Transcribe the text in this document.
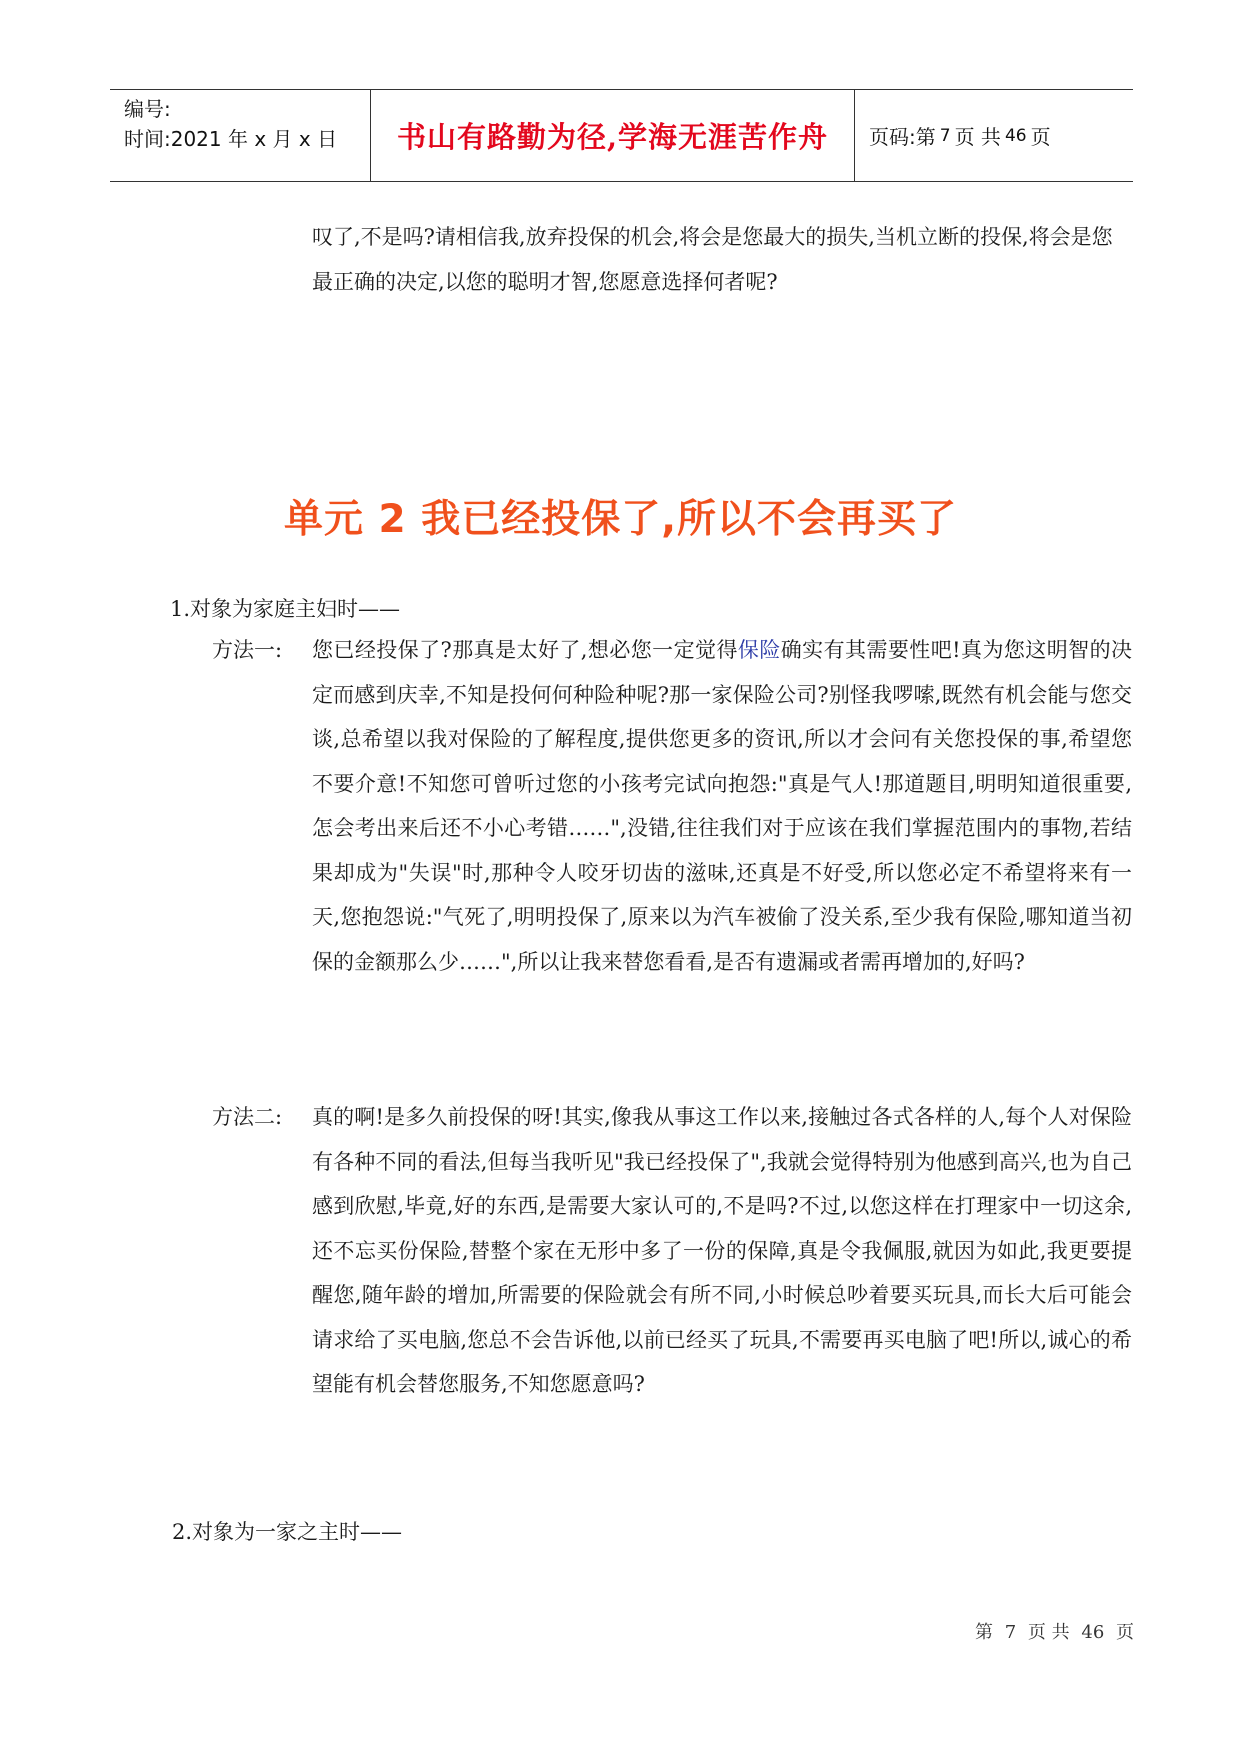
编号:
时间:2021 年 x 月 x 日	书山有路勤为径,学海无涯苦作舟	页码:第 7 页 共 46 页
叹了,不是吗?请相信我,放弃投保的机会,将会是您最大的损失,当机立断的投保,将会是您最正确的决定,以您的聪明才智,您愿意选择何者呢?
单元 2 我已经投保了,所以不会再买了
1.对象为家庭主妇时——
方法一: 您已经投保了?那真是太好了,想必您一定觉得保险确实有其需要性吧!真为您这明智的决定而感到庆幸,不知是投何何种险种呢?那一家保险公司?别怪我啰嗦,既然有机会能与您交谈,总希望以我对保险的了解程度,提供您更多的资讯,所以才会问有关您投保的事,希望您不要介意!不知您可曾听过您的小孩考完试向抱怨:"真是气人!那道题目,明明知道很重要,怎会考出来后还不小心考错……",没错,往往我们对于应该在我们掌握范围内的事物,若结果却成为"失误"时,那种令人咬牙切齿的滋味,还真是不好受,所以您必定不希望将来有一天,您抱怨说:"气死了,明明投保了,原来以为汽车被偷了没关系,至少我有保险,哪知道当初保的金额那么少……",所以让我来替您看看,是否有遗漏或者需再增加的,好吗?
方法二: 真的啊!是多久前投保的呀!其实,像我从事这工作以来,接触过各式各样的人,每个人对保险有各种不同的看法,但每当我听见"我已经投保了",我就会觉得特别为他感到高兴,也为自己感到欣慰,毕竟,好的东西,是需要大家认可的,不是吗?不过,以您这样在打理家中一切这余,还不忘买份保险,替整个家在无形中多了一份的保障,真是令我佩服,就因为如此,我更要提醒您,随年龄的增加,所需要的保险就会有所不同,小时候总吵着要买玩具,而长大后可能会请求给了买电脑,您总不会告诉他,以前已经买了玩具,不需要再买电脑了吧!所以,诚心的希望能有机会替您服务,不知您愿意吗?
2.对象为一家之主时——
第 7 页 共 46 页
